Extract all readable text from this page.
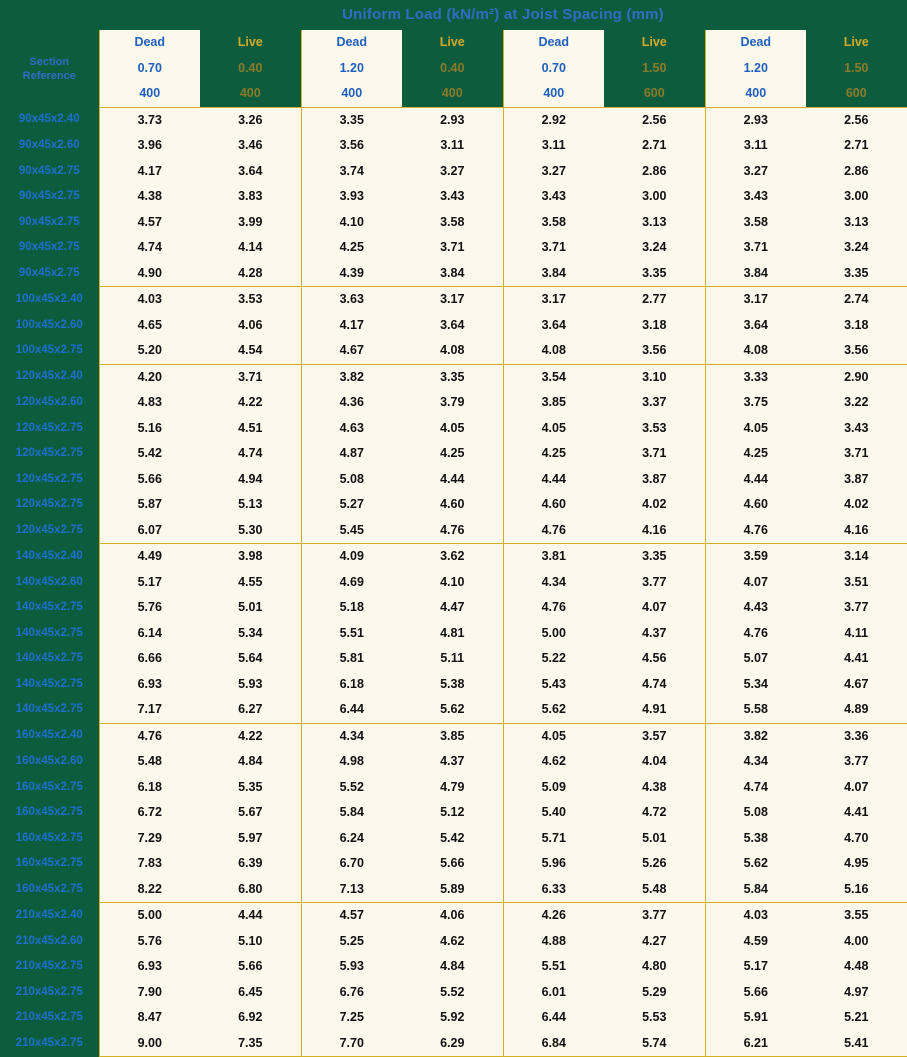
	Uniform Load (kN/m²) at Joist Spacing (mm)							
Section
Reference	Dead	Live	Dead	Live	Dead	Live	Dead	Live
	0.70	0.40	1.20	0.40	0.70	1.50	1.20	1.50
	400	400	400	400	400	600	400	600
90x45x2.40	3.73	3.26	3.35	2.93	2.92	2.56	2.93	2.56
90x45x2.60	3.96	3.46	3.56	3.11	3.11	2.71	3.11	2.71
90x45x2.75	4.17	3.64	3.74	3.27	3.27	2.86	3.27	2.86
90x45x2.75	4.38	3.83	3.93	3.43	3.43	3.00	3.43	3.00
90x45x2.75	4.57	3.99	4.10	3.58	3.58	3.13	3.58	3.13
90x45x2.75	4.74	4.14	4.25	3.71	3.71	3.24	3.71	3.24
90x45x2.75	4.90	4.28	4.39	3.84	3.84	3.35	3.84	3.35
100x45x2.40	4.03	3.53	3.63	3.17	3.17	2.77	3.17	2.74
100x45x2.60	4.65	4.06	4.17	3.64	3.64	3.18	3.64	3.18
100x45x2.75	5.20	4.54	4.67	4.08	4.08	3.56	4.08	3.56
120x45x2.40	4.20	3.71	3.82	3.35	3.54	3.10	3.33	2.90
120x45x2.60	4.83	4.22	4.36	3.79	3.85	3.37	3.75	3.22
120x45x2.75	5.16	4.51	4.63	4.05	4.05	3.53	4.05	3.43
120x45x2.75	5.42	4.74	4.87	4.25	4.25	3.71	4.25	3.71
120x45x2.75	5.66	4.94	5.08	4.44	4.44	3.87	4.44	3.87
120x45x2.75	5.87	5.13	5.27	4.60	4.60	4.02	4.60	4.02
120x45x2.75	6.07	5.30	5.45	4.76	4.76	4.16	4.76	4.16
140x45x2.40	4.49	3.98	4.09	3.62	3.81	3.35	3.59	3.14
140x45x2.60	5.17	4.55	4.69	4.10	4.34	3.77	4.07	3.51
140x45x2.75	5.76	5.01	5.18	4.47	4.76	4.07	4.43	3.77
140x45x2.75	6.14	5.34	5.51	4.81	5.00	4.37	4.76	4.11
140x45x2.75	6.66	5.64	5.81	5.11	5.22	4.56	5.07	4.41
140x45x2.75	6.93	5.93	6.18	5.38	5.43	4.74	5.34	4.67
140x45x2.75	7.17	6.27	6.44	5.62	5.62	4.91	5.58	4.89
160x45x2.40	4.76	4.22	4.34	3.85	4.05	3.57	3.82	3.36
160x45x2.60	5.48	4.84	4.98	4.37	4.62	4.04	4.34	3.77
160x45x2.75	6.18	5.35	5.52	4.79	5.09	4.38	4.74	4.07
160x45x2.75	6.72	5.67	5.84	5.12	5.40	4.72	5.08	4.41
160x45x2.75	7.29	5.97	6.24	5.42	5.71	5.01	5.38	4.70
160x45x2.75	7.83	6.39	6.70	5.66	5.96	5.26	5.62	4.95
160x45x2.75	8.22	6.80	7.13	5.89	6.33	5.48	5.84	5.16
210x45x2.40	5.00	4.44	4.57	4.06	4.26	3.77	4.03	3.55
210x45x2.60	5.76	5.10	5.25	4.62	4.88	4.27	4.59	4.00
210x45x2.75	6.93	5.66	5.93	4.84	5.51	4.80	5.17	4.48
210x45x2.75	7.90	6.45	6.76	5.52	6.01	5.29	5.66	4.97
210x45x2.75	8.47	6.92	7.25	5.92	6.44	5.53	5.91	5.21
210x45x2.75	9.00	7.35	7.70	6.29	6.84	5.74	6.21	5.41
